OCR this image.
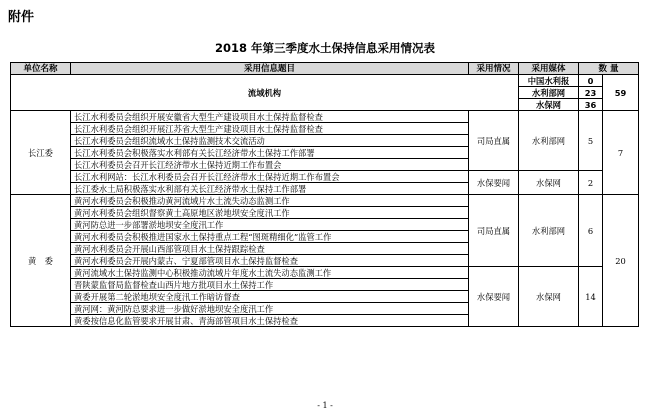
附件
2018 年第三季度水土保持信息采用情况表
单位名称	采用信息题目	采用情况	采用媒体	数 量	
流域机构			中国水利报	0	59
			水利部网	23	
			水保网	36	
长江委	长江水利委员会组织开展安徽省大型生产建设项目水土保持监督检查	司局直属	水利部网	5	7
	长江水利委员会组织开展江苏省大型生产建设项目水土保持监督检查				
	长江水利委员会组织流域水土保持监测技术交流活动				
	长江水利委员会积极落实水利部有关长江经济带水土保持工作部署				
	长江水利委员会召开长江经济带水土保持近期工作布置会				
	长江水利网站：长江水利委员会召开长江经济带水土保持近期工作布置会	水保要闻	水保网	2	
	长江委水土局积极落实水利部有关长江经济带水土保持工作部署				
黄　委	黄河水利委员会积极推动黄河流域片水土流失动态监测工作	司局直属	水利部网	6	20
	黄河水利委员会组织督察黄土高原地区淤地坝安全度汛工作				
	黄河防总进一步部署淤地坝安全度汛工作				
	黄河水利委员会积极推进国家水土保持重点工程“图斑精细化”监管工作				
	黄河水利委员会开展山西部管项目水土保持跟踪检查				
	黄河水利委员会开展内蒙古、宁夏部管项目水土保持监督检查				
	黄河流域水土保持监测中心积极推动流域片年度水土流失动态监测工作	水保要闻	水保网	14	
	晋陕蒙监督局监督检查山西片地方批项目水土保持工作				
	黄委开展第二轮淤地坝安全度汛工作暗访督查				
	黄河网：黄河防总要求进一步做好淤地坝安全度汛工作				
	黄委按信息化监管要求开展甘肃、青海部管项目水土保持检查				
- 1 -
